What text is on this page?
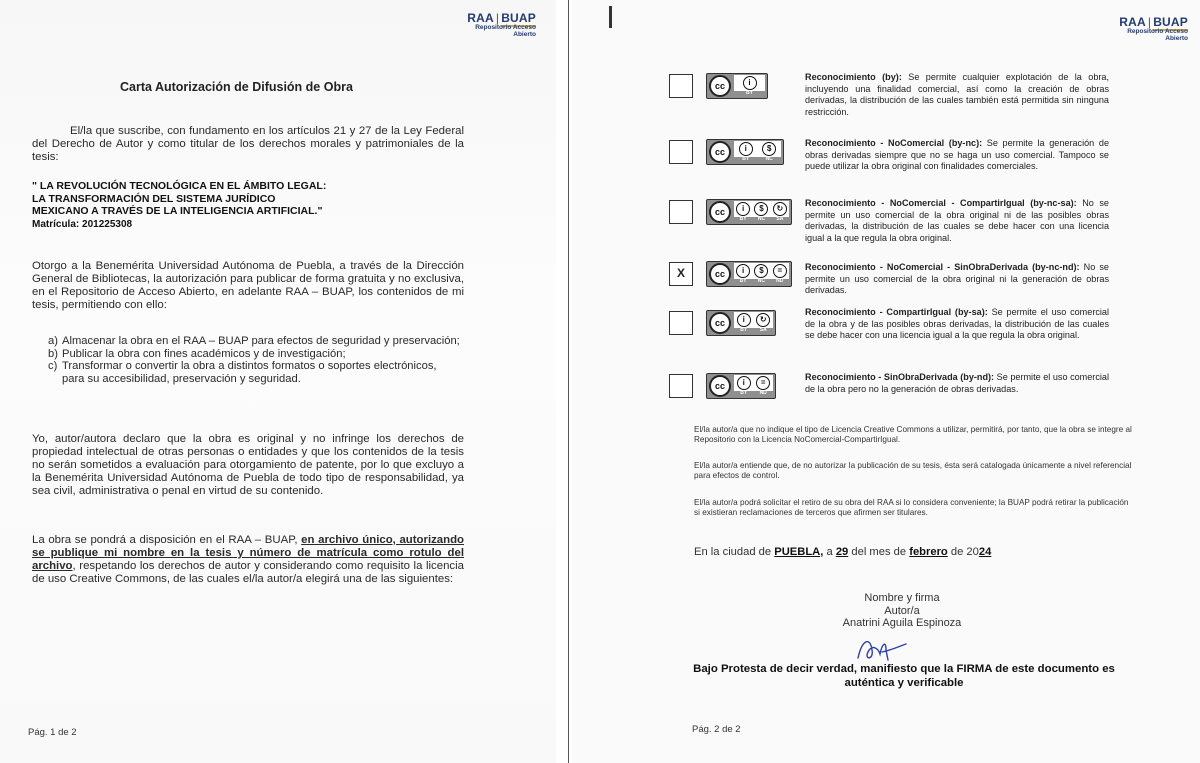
RAA | BUAP
Repositorio Acceso
Abierto
Carta Autorización de Difusión de Obra
El/la que suscribe, con fundamento en los artículos 21 y 27 de la Ley Federal del Derecho de Autor y como titular de los derechos morales y patrimoniales de la tesis:
" LA REVOLUCIÓN TECNOLÓGICA EN EL ÁMBITO LEGAL: LA TRANSFORMACIÓN DEL SISTEMA JURÍDICO MEXICANO A TRAVÉS DE LA INTELIGENCIA ARTIFICIAL." Matrícula: 201225308
Otorgo a la Benemérita Universidad Autónoma de Puebla, a través de la Dirección General de Bibliotecas, la autorización para publicar de forma gratuita y no exclusiva, en el Repositorio de Acceso Abierto, en adelante RAA – BUAP, los contenidos de mi tesis, permitiendo con ello:
a) Almacenar la obra en el RAA – BUAP para efectos de seguridad y preservación;
b) Publicar la obra con fines académicos y de investigación;
c) Transformar o convertir la obra a distintos formatos o soportes electrónicos, para su accesibilidad, preservación y seguridad.
Yo, autor/autora declaro que la obra es original y no infringe los derechos de propiedad intelectual de otras personas o entidades y que los contenidos de la tesis no serán sometidos a evaluación para otorgamiento de patente, por lo que excluyo a la Benemérita Universidad Autónoma de Puebla de todo tipo de responsabilidad, ya sea civil, administrativa o penal en virtud de su contenido.
La obra se pondrá a disposición en el RAA – BUAP, en archivo único, autorizando se publique mi nombre en la tesis y número de matrícula como rotulo del archivo, respetando los derechos de autor y considerando como requisito la licencia de uso Creative Commons, de las cuales el/la autor/a elegirá una de las siguientes:
Pág. 1 de 2
RAA | BUAP
Repositorio Acceso
Abierto
cc	i
BY
Reconocimiento (by): Se permite cualquier explotación de la obra, incluyendo una finalidad comercial, así como la creación de obras derivadas, la distribución de las cuales también está permitida sin ninguna restricción.
cc	i	$
BY	NC
Reconocimiento - NoComercial (by-nc): Se permite la generación de obras derivadas siempre que no se haga un uso comercial. Tampoco se puede utilizar la obra original con finalidades comerciales.
cc	i	$	↻
BY NC SA
Reconocimiento - NoComercial - CompartirIgual (by-nc-sa): No se permite un uso comercial de la obra original ni de las posibles obras derivadas, la distribución de las cuales se debe hacer con una licencia igual a la que regula la obra original.
X	cc	i	$	=
BY NC ND
Reconocimiento - NoComercial - SinObraDerivada (by-nc-nd): No se permite un uso comercial de la obra original ni la generación de obras derivadas.
cc	i	↻
BY	SA
Reconocimiento - CompartirIgual (by-sa): Se permite el uso comercial de la obra y de las posibles obras derivadas, la distribución de las cuales se debe hacer con una licencia igual a la que regula la obra original.
cc	i	=
BY ND
Reconocimiento - SinObraDerivada (by-nd): Se permite el uso comercial de la obra pero no la generación de obras derivadas.
El/la autor/a que no indique el tipo de Licencia Creative Commons a utilizar, permitirá, por tanto, que la obra se integre al Repositorio con la Licencia NoComercial-CompartirIgual.
El/la autor/a entiende que, de no autorizar la publicación de su tesis, ésta será catalogada únicamente a nivel referencial para efectos de control.
El/la autor/a podrá solicitar el retiro de su obra del RAA si lo considera conveniente; la BUAP podrá retirar la publicación si existieran reclamaciones de terceros que afirmen ser titulares.
En la ciudad de PUEBLA, a 29 del mes de febrero de 2024
Nombre y firma
Autor/a
Anatrini Aguila Espinoza
Bajo Protesta de decir verdad, manifiesto que la FIRMA de este documento es auténtica y verificable
Pág. 2 de 2
